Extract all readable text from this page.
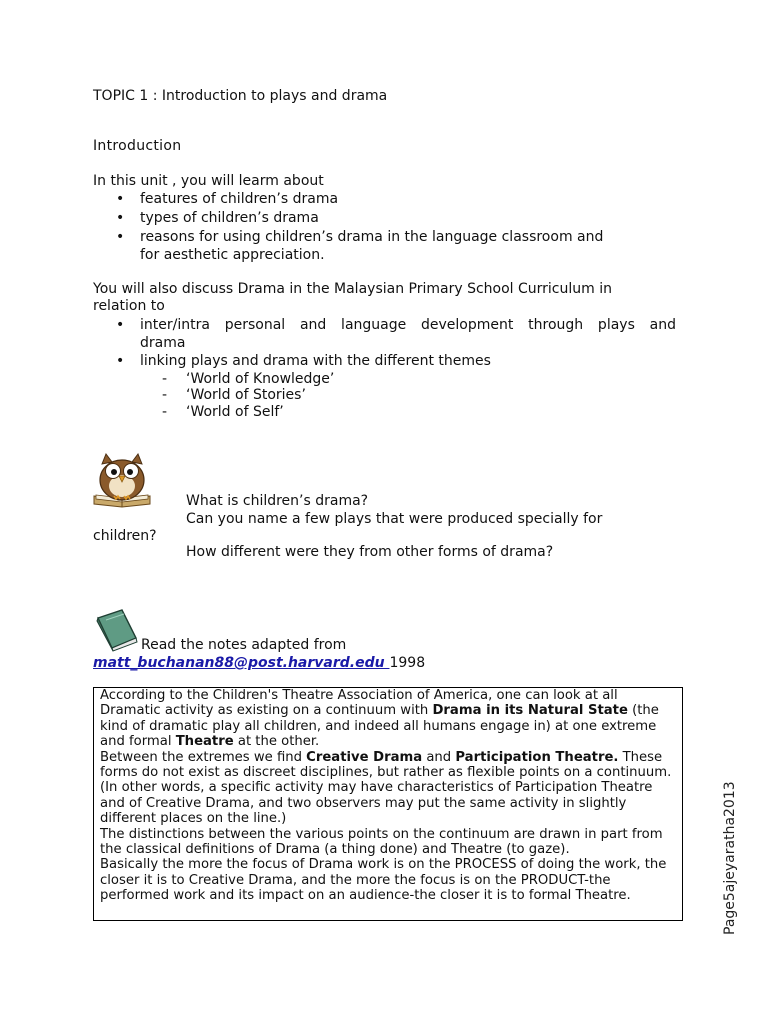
TOPIC 1 : Introduction to plays and drama
Introduction
In this unit , you will learm about
• features of children’s drama
• types of children’s drama
• reasons for using children’s drama in the language classroom and
for aesthetic appreciation.
You will also discuss Drama in the Malaysian Primary School Curriculum in
relation to
• inter/intra personal and language development through plays and
• linking plays and drama with the different themes
drama
- ‘World of Knowledge’
- ‘World of Stories’
- ‘World of Self’
What is children’s drama?
Can you name a few plays that were produced specially for
children?
How different were they from other forms of drama?
Read the notes adapted from
matt_buchanan88@post.harvard.edu 1998

According to the Children's Theatre Association of America, one can look at all Dramatic activity as existing on a continuum with Drama in its Natural State (the kind of dramatic play all children, and indeed all humans engage in) at one extreme and formal Theatre at the other.

Between the extremes we find Creative Drama and Participation Theatre. These forms do not exist as discreet disciplines, but rather as flexible points on a continuum. (In other words, a specific activity may have characteristics of Participation Theatre and of Creative Drama, and two observers may put the same activity in slightly different places on the line.)

The distinctions between the various points on the continuum are drawn in part from the classical definitions of Drama (a thing done) and Theatre (to gaze).

Basically the more the focus of Drama work is on the PROCESS of doing the work, the closer it is to Creative Drama, and the more the focus is on the PRODUCT-the performed work and its impact on an audience-the closer it is to formal Theatre.	Page5ajeyaratha2013
